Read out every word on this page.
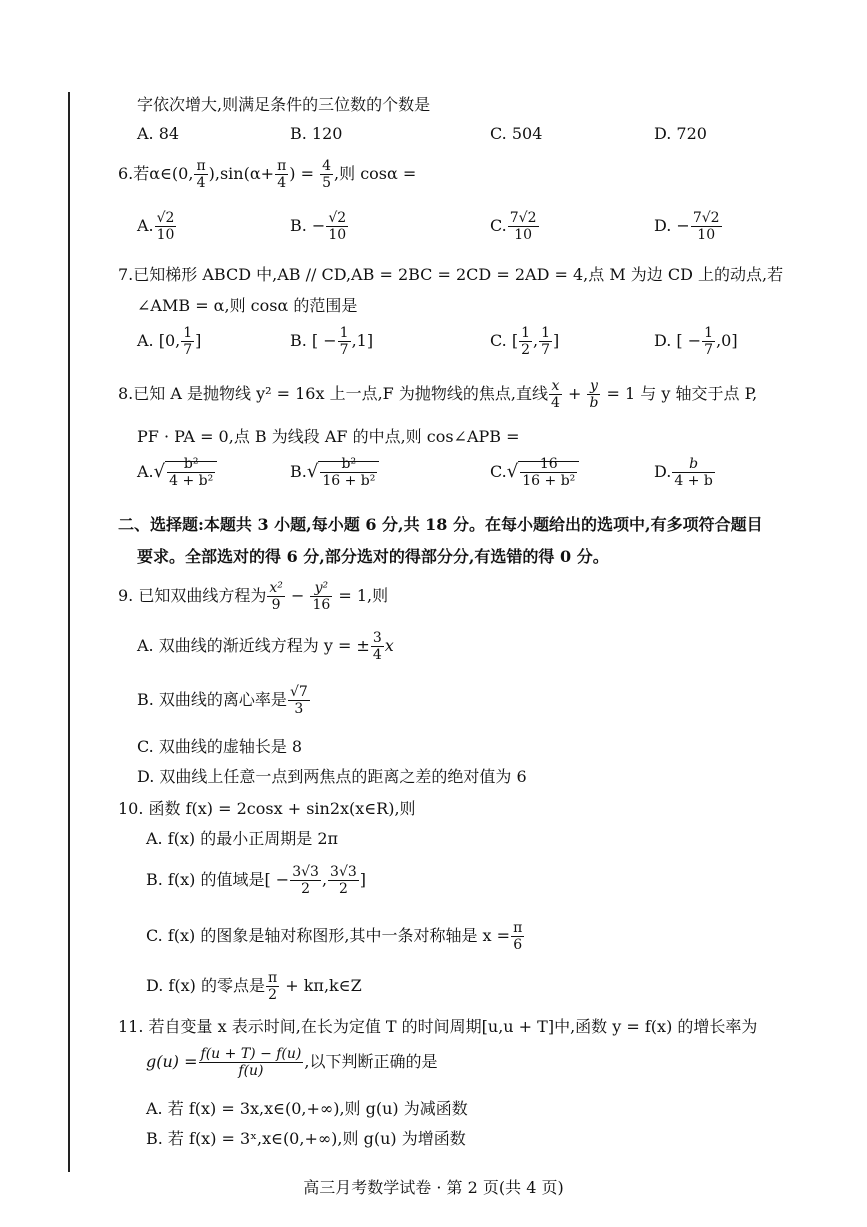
字依次增大,则满足条件的三位数的个数是
A. 84	B. 120	C. 504	D. 720
6.若α∈(0, $\frac{\pi}{4} ),\sin(\alpha+ \frac{\pi}{4}$ ) = $\frac{4}{5}$ ,则 cosα =
A. $\frac{√2}{10}$	B. − $\frac{√2}{10}$	C. $\frac{7√2}{10}$	D. − $\frac{7√2}{10}$
7.已知梯形 ABCD 中,AB // CD,AB = 2BC = 2CD = 2AD = 4,点 M 为边 CD 上的动点,若
∠AMB = α,则 cosα 的范围是
A. [0, $\frac{1}{7}$ ]	B. [ − $\frac{1}{7} ,1$]	C. [ $\frac{1}{2}$ , $\frac{1}{7}$ ]	D. [ − $\frac{1}{7} ,0$]
8.已知 A 是抛物线 y² = 16x 上一点,F 为抛物线的焦点,直线 $\frac{x}{4} + \frac{y}{b} = 1$ 与 y 轴交于点 P,
PF · PA = 0,点 B 为线段 AF 的中点,则 cos∠APB =
$A.√ \frac{\text{b²}}{\text{4 + b²}}$	$B.√ \frac{\text{b²}}{\text{16 + b²}}$	$C.√ \frac{16}{\text{16 + b²}}$	D. $\frac{b}{4 + b}$
二、选择题:本题共 3 小题,每小题 6 分,共 18 分。在每小题给出的选项中,有多项符合题目
要求。全部选对的得 6 分,部分选对的得部分分,有选错的得 0 分。
9. 已知双曲线方程为 $\frac{\text{x²}}{9} - \frac{\text{y²}}{16} = 1$,则
A. 双曲线的渐近线方程为 y = ± $\frac{3}{4}$ x
B. 双曲线的离心率是 $\frac{√7}{3}$
C. 双曲线的虚轴长是 8
D. 双曲线上任意一点到两焦点的距离之差的绝对值为 6
10. 函数 f(x) = 2cosx + sin2x(x∈R),则
A. f(x) 的最小正周期是 2π
B. f(x) 的值域是[ − $\frac{3√3}{2}$ , $\frac{3√3}{2}$ ]
C. f(x) 的图象是轴对称图形,其中一条对称轴是 $x = \frac{\pi}{6}$
D. f(x) 的零点是 $\frac{\pi}{2}$ + kπ,k∈Z
11. 若自变量 x 表示时间,在长为定值 T 的时间周期[u,u + T]中,函数 y = f(x) 的增长率为
$g(u) = \frac{f(u + T) - f(u)}{f(u)}$ ,以下判断正确的是
A. 若 f(x) = 3x,x∈(0,+∞),则 g(u) 为减函数
B. 若 f(x) = 3ˣ,x∈(0,+∞),则 g(u) 为增函数
高三月考数学试卷 · 第 2 页(共 4 页)
